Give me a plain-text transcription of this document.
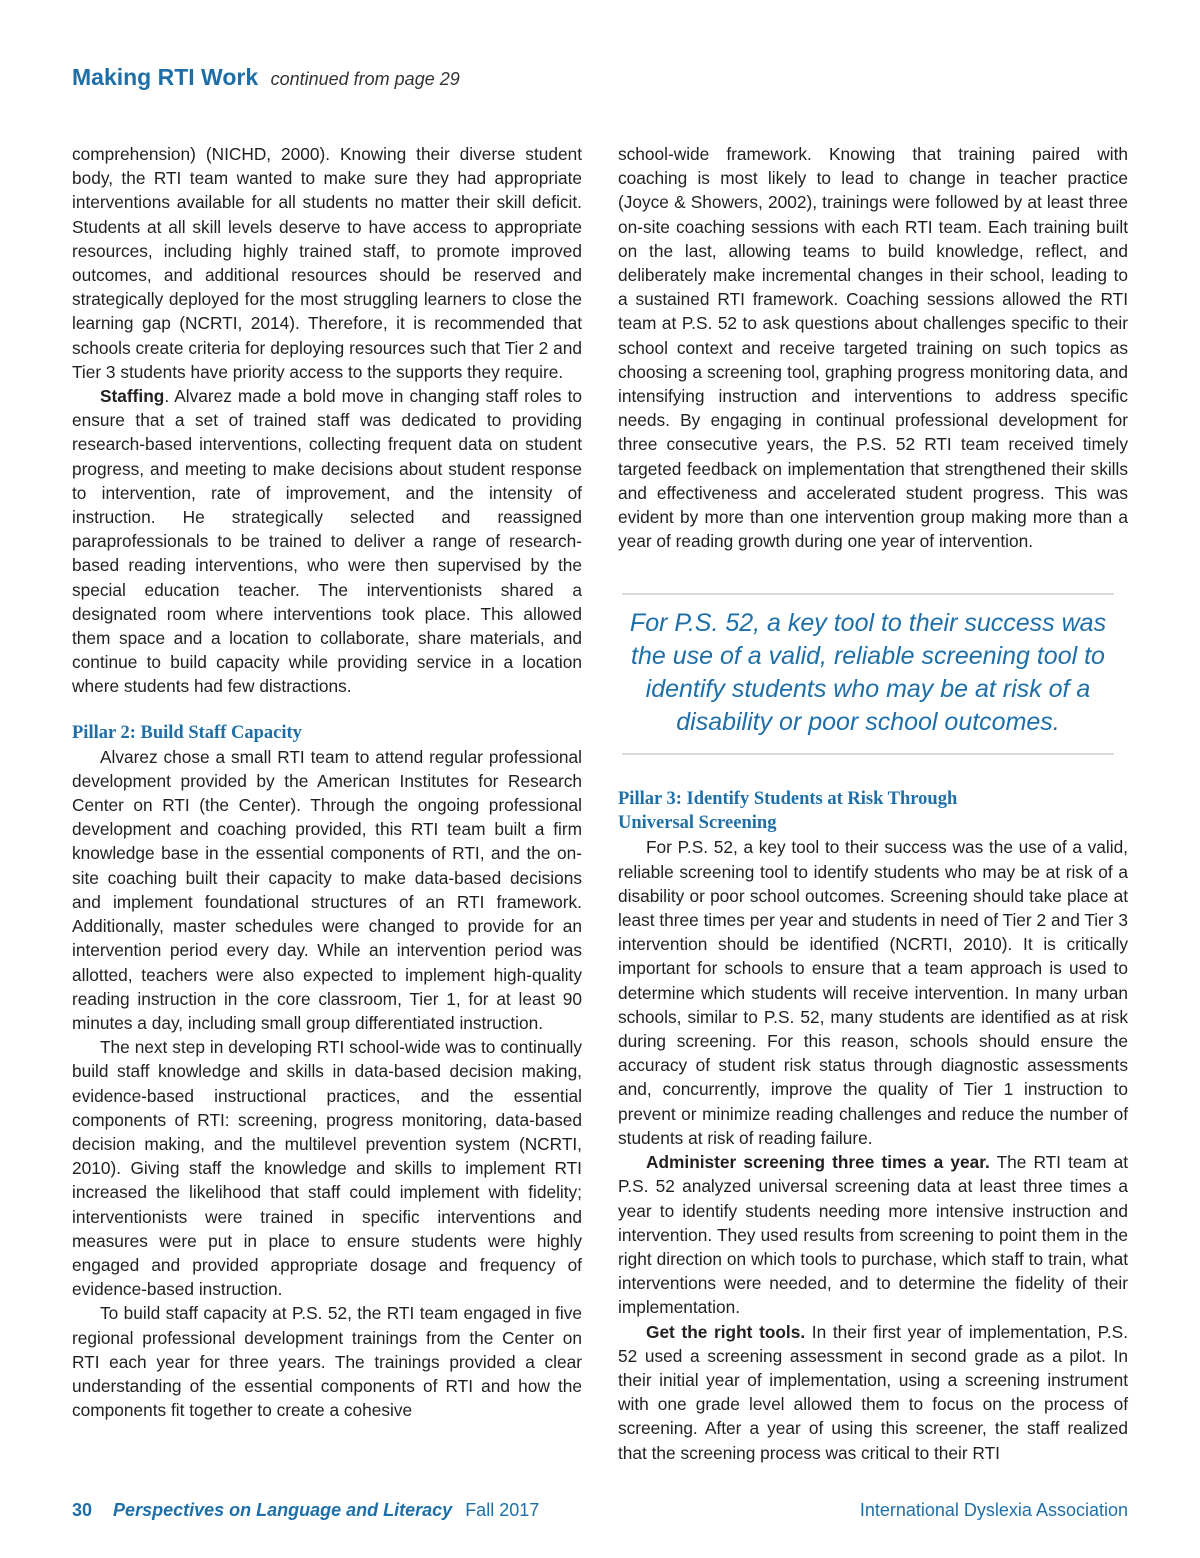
Making RTI Work continued from page 29

comprehension) (NICHD, 2000). Knowing their diverse student body, the RTI team wanted to make sure they had appropriate interventions available for all students no matter their skill deficit. Students at all skill levels deserve to have access to appropriate resources, including highly trained staff, to promote improved outcomes, and additional resources should be reserved and strategically deployed for the most struggling learners to close the learning gap (NCRTI, 2014). Therefore, it is recommended that schools create criteria for deploying resources such that Tier 2 and Tier 3 students have priority access to the supports they require.

Staffing. Alvarez made a bold move in changing staff roles to ensure that a set of trained staff was dedicated to providing research-based interventions, collecting frequent data on student progress, and meeting to make decisions about student response to intervention, rate of improvement, and the intensity of instruction. He strategically selected and reassigned paraprofessionals to be trained to deliver a range of research-based reading interventions, who were then supervised by the special education teacher. The interventionists shared a designated room where interventions took place. This allowed them space and a location to collaborate, share materials, and continue to build capacity while providing service in a location where students had few distractions.

Pillar 2: Build Staff Capacity

Alvarez chose a small RTI team to attend regular professional development provided by the American Institutes for Research Center on RTI (the Center). Through the ongoing professional development and coaching provided, this RTI team built a firm knowledge base in the essential components of RTI, and the on-site coaching built their capacity to make data-based decisions and implement foundational structures of an RTI framework. Additionally, master schedules were changed to provide for an intervention period every day. While an intervention period was allotted, teachers were also expected to implement high-quality reading instruction in the core classroom, Tier 1, for at least 90 minutes a day, including small group differentiated instruction.

The next step in developing RTI school-wide was to continually build staff knowledge and skills in data-based decision making, evidence-based instructional practices, and the essential components of RTI: screening, progress monitoring, data-based decision making, and the multilevel prevention system (NCRTI, 2010). Giving staff the knowledge and skills to implement RTI increased the likelihood that staff could implement with fidelity; interventionists were trained in specific interventions and measures were put in place to ensure students were highly engaged and provided appropriate dosage and frequency of evidence-based instruction.

To build staff capacity at P.S. 52, the RTI team engaged in five regional professional development trainings from the Center on RTI each year for three years. The trainings provided a clear understanding of the essential components of RTI and how the components fit together to create a cohesive

school-wide framework. Knowing that training paired with coaching is most likely to lead to change in teacher practice (Joyce & Showers, 2002), trainings were followed by at least three on-site coaching sessions with each RTI team. Each training built on the last, allowing teams to build knowledge, reflect, and deliberately make incremental changes in their school, leading to a sustained RTI framework. Coaching sessions allowed the RTI team at P.S. 52 to ask questions about challenges specific to their school context and receive targeted training on such topics as choosing a screening tool, graphing progress monitoring data, and intensifying instruction and interventions to address specific needs. By engaging in continual professional development for three consecutive years, the P.S. 52 RTI team received timely targeted feedback on implementation that strengthened their skills and effectiveness and accelerated student progress. This was evident by more than one intervention group making more than a year of reading growth during one year of intervention.

For P.S. 52, a key tool to their success was the use of a valid, reliable screening tool to identify students who may be at risk of a disability or poor school outcomes.
Pillar 3: Identify Students at Risk Through
Universal Screening

For P.S. 52, a key tool to their success was the use of a valid, reliable screening tool to identify students who may be at risk of a disability or poor school outcomes. Screening should take place at least three times per year and students in need of Tier 2 and Tier 3 intervention should be identified (NCRTI, 2010). It is critically important for schools to ensure that a team approach is used to determine which students will receive intervention. In many urban schools, similar to P.S. 52, many students are identified as at risk during screening. For this reason, schools should ensure the accuracy of student risk status through diagnostic assessments and, concurrently, improve the quality of Tier 1 instruction to prevent or minimize reading challenges and reduce the number of students at risk of reading failure.

Administer screening three times a year. The RTI team at P.S. 52 analyzed universal screening data at least three times a year to identify students needing more intensive instruction and intervention. They used results from screening to point them in the right direction on which tools to purchase, which staff to train, what interventions were needed, and to determine the fidelity of their implementation.

Get the right tools. In their first year of implementation, P.S. 52 used a screening assessment in second grade as a pilot. In their initial year of implementation, using a screening instrument with one grade level allowed them to focus on the process of screening. After a year of using this screener, the staff realized that the screening process was critical to their RTI

30 Perspectives on Language and Literacy Fall 2017	International Dyslexia Association
